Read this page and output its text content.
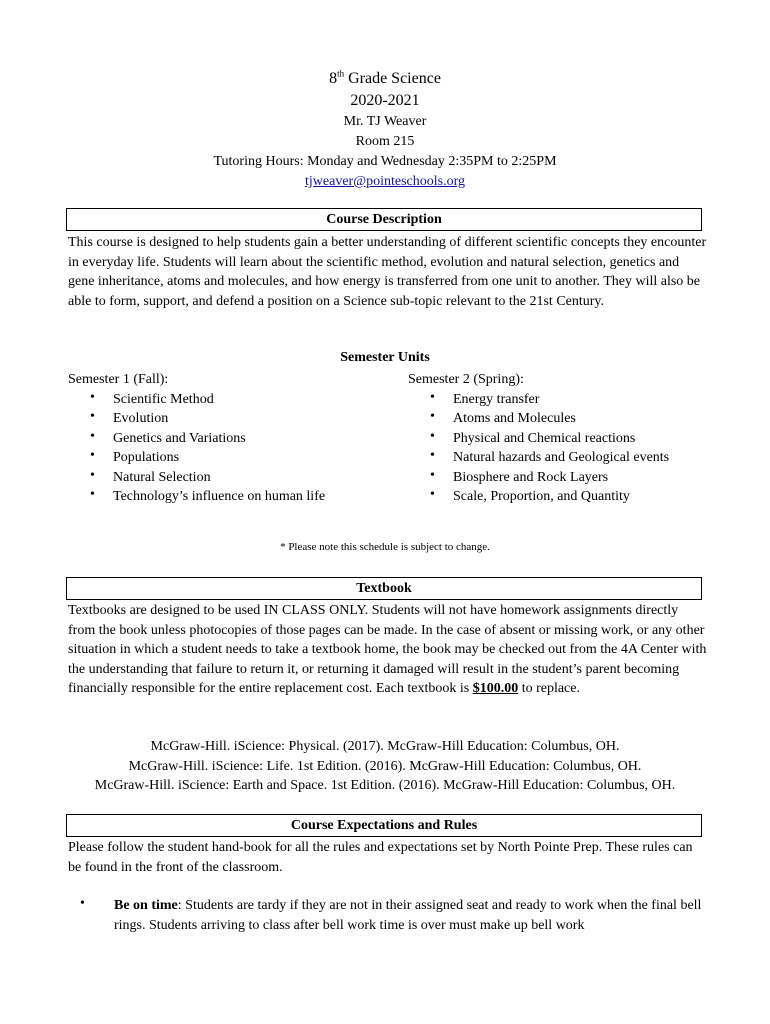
8th Grade Science
2020-2021
Mr. TJ Weaver
Room 215
Tutoring Hours: Monday and Wednesday 2:35PM to 2:25PM
tjweaver@pointeschools.org
Course Description
This course is designed to help students gain a better understanding of different scientific concepts they encounter in everyday life. Students will learn about the scientific method, evolution and natural selection, genetics and gene inheritance, atoms and molecules, and how energy is transferred from one unit to another. They will also be able to form, support, and defend a position on a Science sub-topic relevant to the 21st Century.
Semester Units
Semester 1 (Fall):
• Scientific Method
• Evolution
• Genetics and Variations
• Populations
• Natural Selection
• Technology’s influence on human life
Semester 2 (Spring):
• Energy transfer
• Atoms and Molecules
• Physical and Chemical reactions
• Natural hazards and Geological events
• Biosphere and Rock Layers
• Scale, Proportion, and Quantity
* Please note this schedule is subject to change.
Textbook
Textbooks are designed to be used IN CLASS ONLY. Students will not have homework assignments directly from the book unless photocopies of those pages can be made. In the case of absent or missing work, or any other situation in which a student needs to take a textbook home, the book may be checked out from the 4A Center with the understanding that failure to return it, or returning it damaged will result in the student’s parent becoming financially responsible for the entire replacement cost. Each textbook is $100.00 to replace.
McGraw-Hill. iScience: Physical. (2017). McGraw-Hill Education: Columbus, OH.
McGraw-Hill. iScience: Life. 1st Edition. (2016). McGraw-Hill Education: Columbus, OH.
McGraw-Hill. iScience: Earth and Space. 1st Edition. (2016). McGraw-Hill Education: Columbus, OH.
Course Expectations and Rules
Please follow the student hand-book for all the rules and expectations set by North Pointe Prep. These rules can be found in the front of the classroom.
•	Be on time: Students are tardy if they are not in their assigned seat and ready to work when the final bell rings. Students arriving to class after bell work time is over must make up bell work
